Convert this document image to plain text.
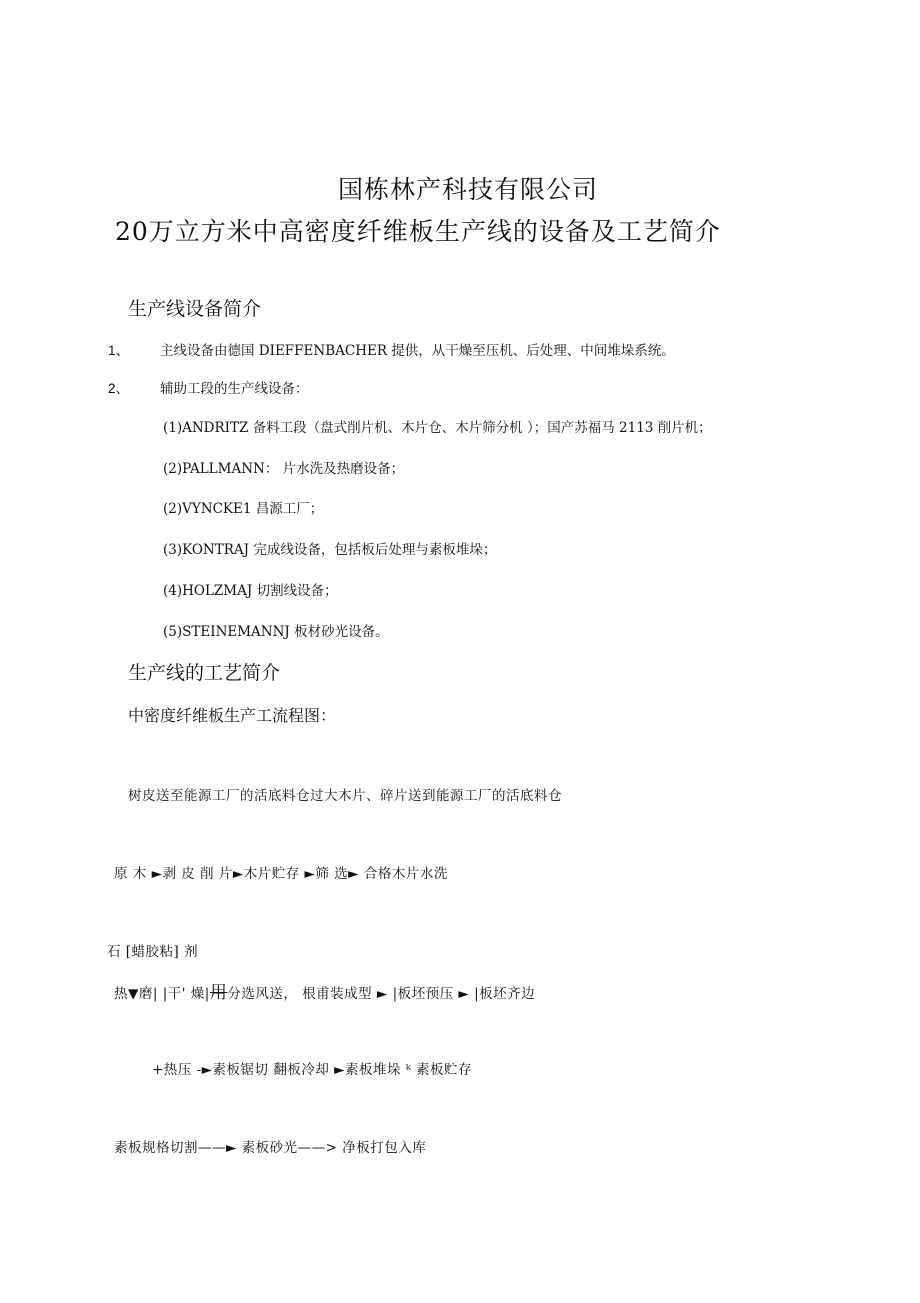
国栋林产科技有限公司
20万立方米中高密度纤维板生产线的设备及工艺简介
生产线设备简介
1、 主线设备由德国 DIEFFENBACHER 提供，从干燥至压机、后处理、中间堆垛系统。
2、 辅助工段的生产线设备：
(1)ANDRITZ 备料工段（盘式削片机、木片仓、木片筛分机 ）；国产苏福马 2113 削片机；
(2)PALLMANN： 片水洗及热磨设备；
(2)VYNCKE1 昌源工厂；
(3)KONTRAJ 完成线设备，包括板后处理与素板堆垛；
(4)HOLZMAJ 切割线设备；
(5)STEINEMANNJ 板材砂光设备。
生产线的工艺简介
中密度纤维板生产工流程图：
树皮送至能源工厂的活底料仓过大木片、碎片送到能源工厂的活底料仓
原 木 ►剥 皮 削 片►木片贮存 ►筛 选► 合格木片水洗
石 [蜡胶粘] 剂
热▼磨| |干' 燥|用分选风送， 根甫装成型 ► |板坯预压 ► |板坯齐边
+热压 -►素板锯切 翻板冷却 ►素板堆垛 ᵏ 素板贮存
素板规格切割——► 素板砂光——> 净板打包入库
